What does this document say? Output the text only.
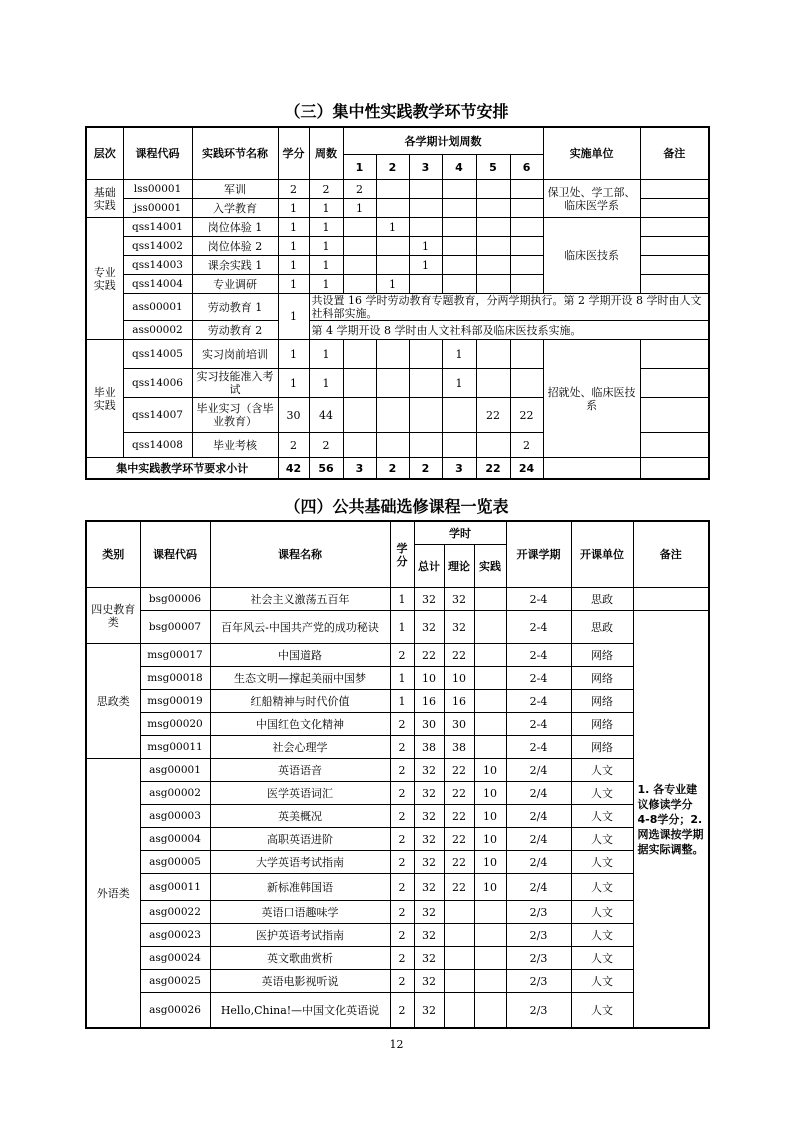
（三）集中性实践教学环节安排
层次	课程代码	实践环节名称	学分	周数	各学期计划周数						实施单位	备注
					1	2	3	4	5	6		
基础实践	lss00001	军训	2	2	2						保卫处、学工部、临床医学系	
	jss00001	入学教育	1	1	1							
专业实践	qss14001	岗位体验 1	1	1		1					临床医技系	
	qss14002	岗位体验 2	1	1			1					
	qss14003	课余实践 1	1	1			1					
	qss14004	专业调研	1	1		1						
	ass00001	劳动教育 1	1	共设置 16 学时劳动教育专题教育，分两学期执行。第 2 学期开设 8 学时由人文社科部实施。								
	ass00002	劳动教育 2		第 4 学期开设 8 学时由人文社科部及临床医技系实施。								
毕业实践	qss14005	实习岗前培训	1	1				1			招就处、临床医技系	
	qss14006	实习技能准入考试	1	1				1				
	qss14007	毕业实习（含毕业教育）	30	44					22	22		
	qss14008	毕业考核	2	2						2		
集中实践教学环节要求小计			42	56	3	2	2	3	22	24		
（四）公共基础选修课程一览表
类别	课程代码	课程名称	学分	学时			开课学期	开课单位	备注
				总计	理论	实践			
四史教育类	bsg00006	社会主义激荡五百年	1	32	32		2-4	思政	
	bsg00007	百年风云-中国共产党的成功秘诀	1	32	32		2-4	思政	1. 各专业建议修读学分4-8学分；2. 网选课按学期据实际调整。
思政类	msg00017	中国道路	2	22	22		2-4	网络	
	msg00018	生态文明—撑起美丽中国梦	1	10	10		2-4	网络	
	msg00019	红船精神与时代价值	1	16	16		2-4	网络	
	msg00020	中国红色文化精神	2	30	30		2-4	网络	
	msg00011	社会心理学	2	38	38		2-4	网络	
外语类	asg00001	英语语音	2	32	22	10	2/4	人文	
	asg00002	医学英语词汇	2	32	22	10	2/4	人文	
	asg00003	英美概况	2	32	22	10	2/4	人文	
	asg00004	高职英语进阶	2	32	22	10	2/4	人文	
	asg00005	大学英语考试指南	2	32	22	10	2/4	人文	
	asg00011	新标准韩国语	2	32	22	10	2/4	人文	
	asg00022	英语口语趣味学	2	32			2/3	人文	
	asg00023	医护英语考试指南	2	32			2/3	人文	
	asg00024	英文歌曲赏析	2	32			2/3	人文	
	asg00025	英语电影视听说	2	32			2/3	人文	
	asg00026	Hello,China!—中国文化英语说	2	32			2/3	人文	
12
